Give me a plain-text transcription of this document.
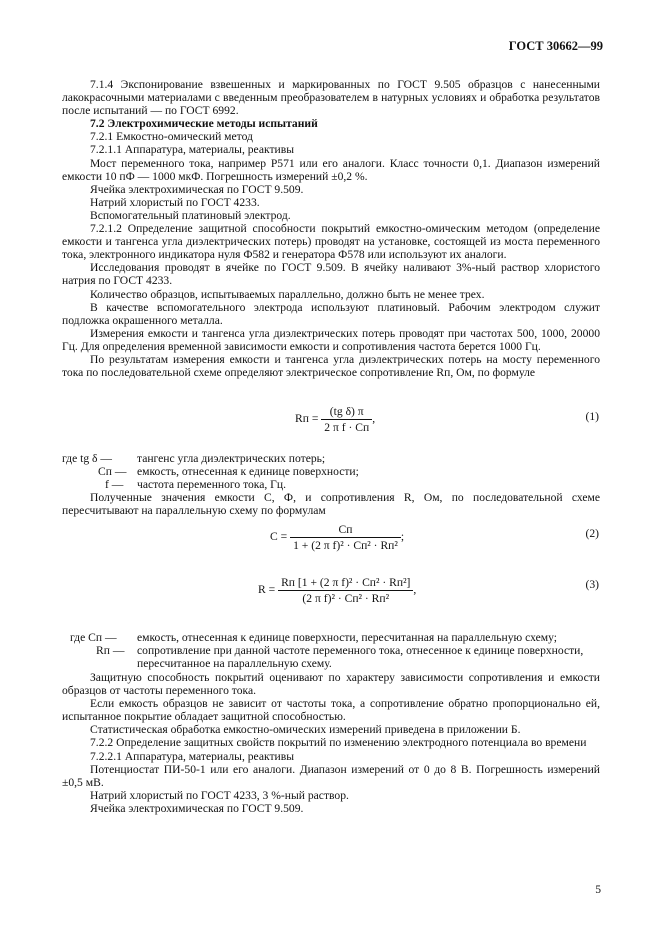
ГОСТ 30662—99

7.1.4 Экспонирование взвешенных и маркированных по ГОСТ 9.505 образцов с нанесенными лакокрасочными материалами с введенным преобразователем в натурных условиях и обработка результатов после испытаний — по ГОСТ 6992.

7.2 Электрохимические методы испытаний

7.2.1 Емкостно-омический метод

7.2.1.1 Аппаратура, материалы, реактивы

Мост переменного тока, например Р571 или его аналоги. Класс точности 0,1. Диапазон измерений емкости 10 пФ — 1000 мкФ. Погрешность измерений ±0,2 %.

Ячейка электрохимическая по ГОСТ 9.509.

Натрий хлористый по ГОСТ 4233.

Вспомогательный платиновый электрод.

7.2.1.2 Определение защитной способности покрытий емкостно-омическим методом (определение емкости и тангенса угла диэлектрических потерь) проводят на установке, состоящей из моста переменного тока, электронного индикатора нуля Ф582 и генератора Ф578 или используют их аналоги.

Исследования проводят в ячейке по ГОСТ 9.509. В ячейку наливают 3%-ный раствор хлористого натрия по ГОСТ 4233.

Количество образцов, испытываемых параллельно, должно быть не менее трех.

В качестве вспомогательного электрода используют платиновый. Рабочим электродом служит подложка окрашенного металла.

Измерения емкости и тангенса угла диэлектрических потерь проводят при частотах 500, 1000, 20000 Гц. Для определения временной зависимости емкости и сопротивления частота берется 1000 Гц.

По результатам измерения емкости и тангенса угла диэлектрических потерь на мосту переменного тока по последовательной схеме определяют электрическое сопротивление Rп, Ом, по формуле

Rп = $\frac{\text{(tg δ) π}}{\text{2 π f · Cп}}$ ,	(1)
где tg δ — тангенс угла диэлектрических потерь;
Cп — емкость, отнесенная к единице поверхности;
f — частота переменного тока, Гц.

Полученные значения емкости C, Ф, и сопротивления R, Ом, по последовательной схеме пересчитывают на параллельную схему по формулам

$C = \frac{Cп}{\text{1 + (2 π f)² · Cп² · Rп²}}$ ;	(2)
$R = \frac{\text{Rп [1 + (2 π f)² · Cп² · Rп²]}}{\text{(2 π f)² · Cп² · Rп²}}$ ,	(3)
где Cп — емкость, отнесенная к единице поверхности, пересчитанная на параллельную схему;
Rп — сопротивление при данной частоте переменного тока, отнесенное к единице поверхности, пересчитанное на параллельную схему.

Защитную способность покрытий оценивают по характеру зависимости сопротивления и емкости образцов от частоты переменного тока.

Если емкость образцов не зависит от частоты тока, а сопротивление обратно пропорционально ей, испытанное покрытие обладает защитной способностью.

Статистическая обработка емкостно-омических измерений приведена в приложении Б.

7.2.2 Определение защитных свойств покрытий по изменению электродного потенциала во времени

7.2.2.1 Аппаратура, материалы, реактивы

Потенциостат ПИ-50-1 или его аналоги. Диапазон измерений от 0 до 8 В. Погрешность измерений ±0,5 мВ.

Натрий хлористый по ГОСТ 4233, 3 %-ный раствор.

Ячейка электрохимическая по ГОСТ 9.509.

5
